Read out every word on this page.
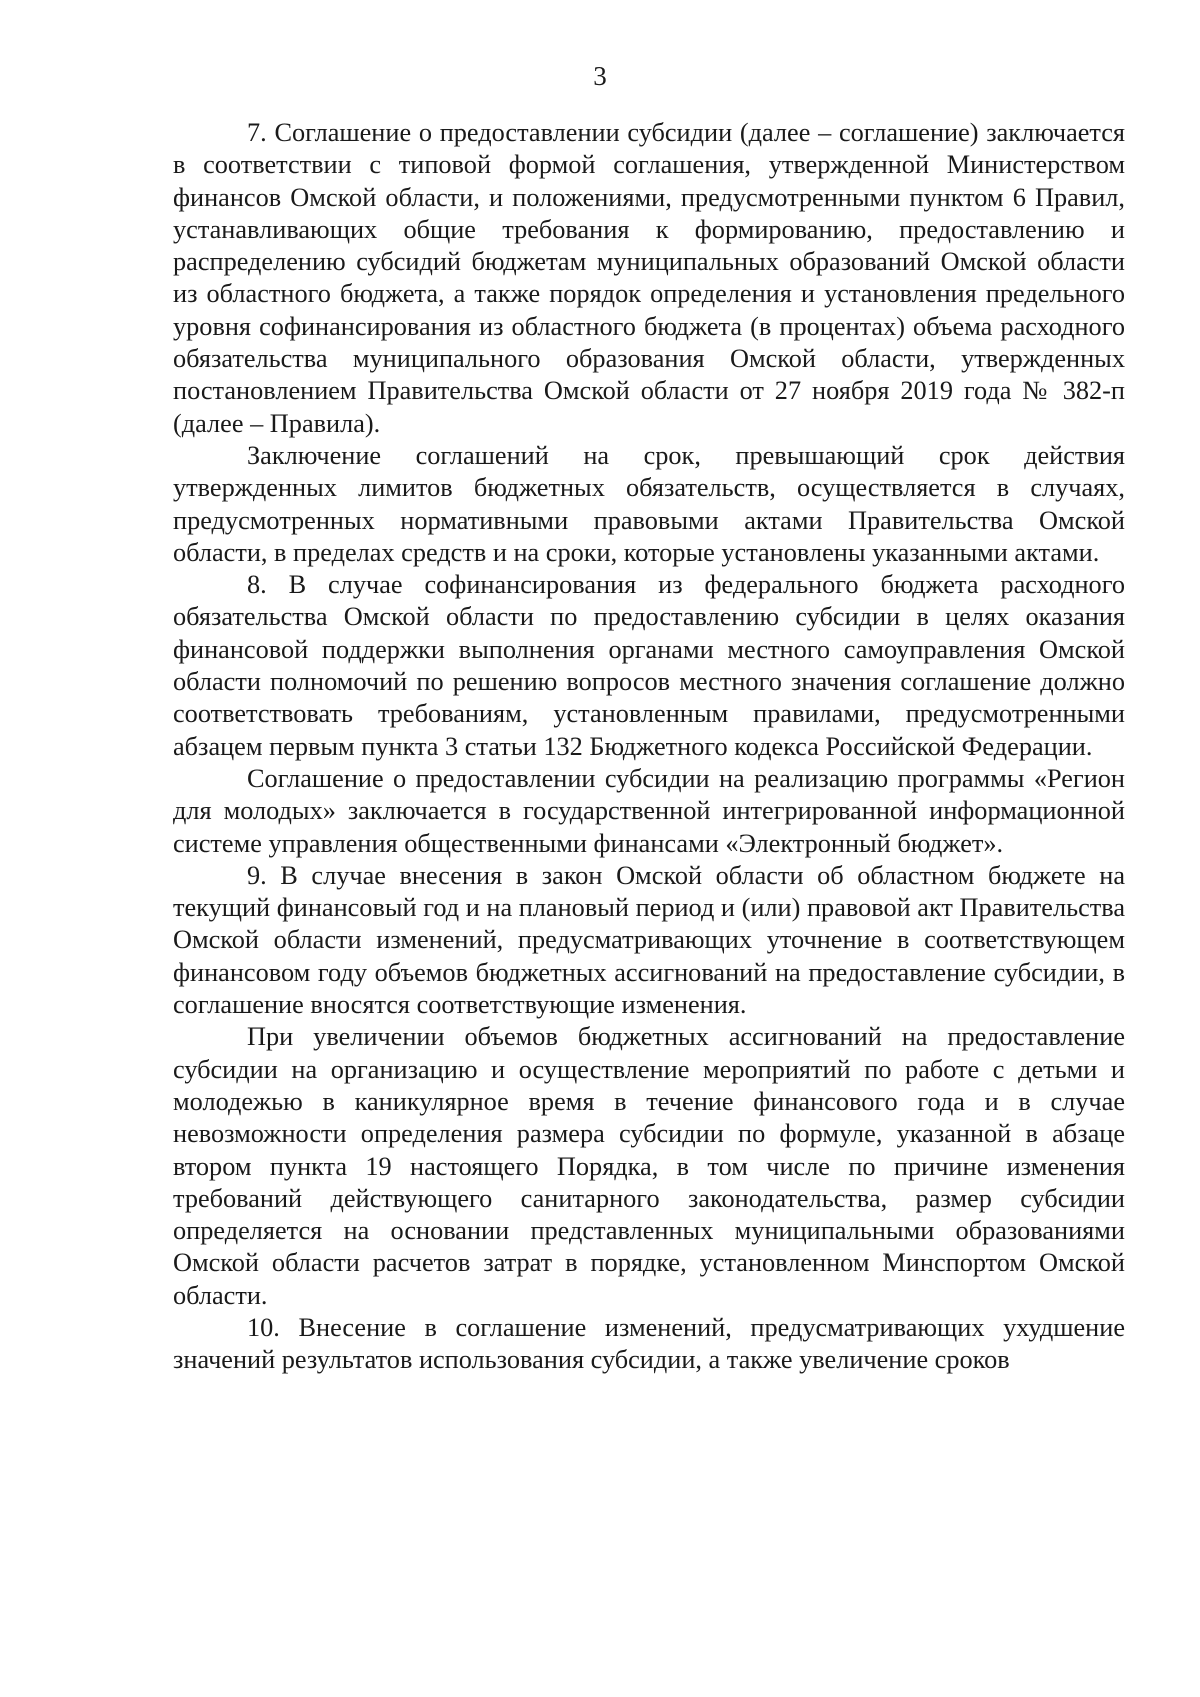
3

7. Соглашение о предоставлении субсидии (далее – соглашение) заключается в соответствии с типовой формой соглашения, утвержденной Министерством финансов Омской области, и положениями, предусмотренными пунктом 6 Правил, устанавливающих общие требования к формированию, предоставлению и распределению субсидий бюджетам муниципальных образований Омской области из областного бюджета, а также порядок определения и установления предельного уровня софинансирования из областного бюджета (в процентах) объема расходного обязательства муниципального образования Омской области, утвержденных постановлением Правительства Омской области от 27 ноября 2019 года № 382-п (далее – Правила).

Заключение соглашений на срок, превышающий срок действия утвержденных лимитов бюджетных обязательств, осуществляется в случаях, предусмотренных нормативными правовыми актами Правительства Омской области, в пределах средств и на сроки, которые установлены указанными актами.

8. В случае софинансирования из федерального бюджета расходного обязательства Омской области по предоставлению субсидии в целях оказания финансовой поддержки выполнения органами местного самоуправления Омской области полномочий по решению вопросов местного значения соглашение должно соответствовать требованиям, установленным правилами, предусмотренными абзацем первым пункта 3 статьи 132 Бюджетного кодекса Российской Федерации.

Соглашение о предоставлении субсидии на реализацию программы «Регион для молодых» заключается в государственной интегрированной информационной системе управления общественными финансами «Электронный бюджет».

9. В случае внесения в закон Омской области об областном бюджете на текущий финансовый год и на плановый период и (или) правовой акт Правительства Омской области изменений, предусматривающих уточнение в соответствующем финансовом году объемов бюджетных ассигнований на предоставление субсидии, в соглашение вносятся соответствующие изменения.

При увеличении объемов бюджетных ассигнований на предоставление субсидии на организацию и осуществление мероприятий по работе с детьми и молодежью в каникулярное время в течение финансового года и в случае невозможности определения размера субсидии по формуле, указанной в абзаце втором пункта 19 настоящего Порядка, в том числе по причине изменения требований действующего санитарного законодательства, размер субсидии определяется на основании представленных муниципальными образованиями Омской области расчетов затрат в порядке, установленном Минспортом Омской области.

10. Внесение в соглашение изменений, предусматривающих ухудшение значений результатов использования субсидии, а также увеличение сроков
